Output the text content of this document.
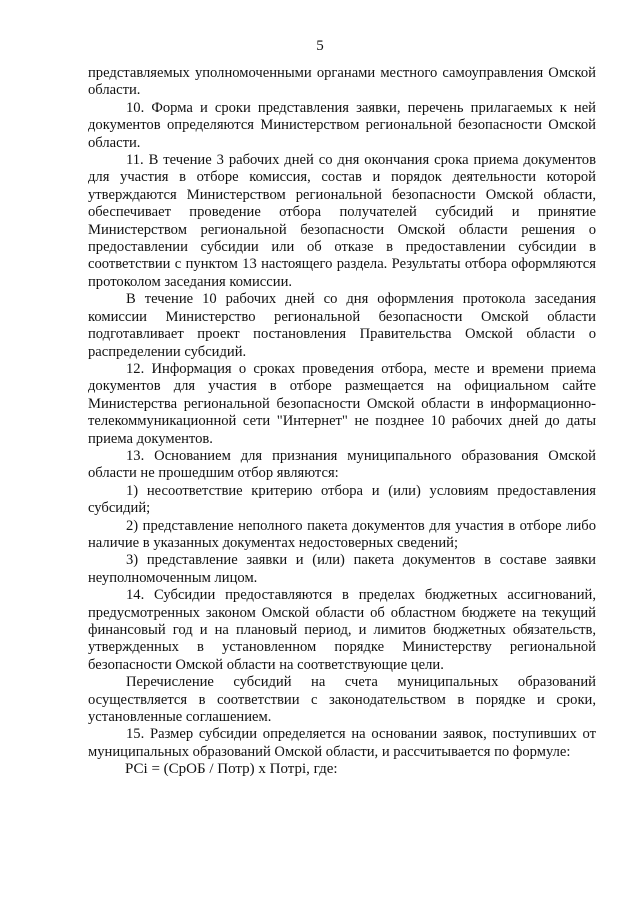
5

представляемых уполномоченными органами местного самоуправления Омской области.

10. Форма и сроки представления заявки, перечень прилагаемых к ней документов определяются Министерством региональной безопасности Омской области.

11. В течение 3 рабочих дней со дня окончания срока приема документов для участия в отборе комиссия, состав и порядок деятельности которой утверждаются Министерством региональной безопасности Омской области, обеспечивает проведение отбора получателей субсидий и принятие Министерством региональной безопасности Омской области решения о предоставлении субсидии или об отказе в предоставлении субсидии в соответствии с пунктом 13 настоящего раздела. Результаты отбора оформляются протоколом заседания комиссии.

В течение 10 рабочих дней со дня оформления протокола заседания комиссии Министерство региональной безопасности Омской области подготавливает проект постановления Правительства Омской области о распределении субсидий.

12. Информация о сроках проведения отбора, месте и времени приема документов для участия в отборе размещается на официальном сайте Министерства региональной безопасности Омской области в информационно-телекоммуникационной сети "Интернет" не позднее 10 рабочих дней до даты приема документов.

13. Основанием для признания муниципального образования Омской области не прошедшим отбор являются:

1) несоответствие критерию отбора и (или) условиям предоставления субсидий;

2) представление неполного пакета документов для участия в отборе либо наличие в указанных документах недостоверных сведений;

3) представление заявки и (или) пакета документов в составе заявки неуполномоченным лицом.

14. Субсидии предоставляются в пределах бюджетных ассигнований, предусмотренных законом Омской области об областном бюджете на текущий финансовый год и на плановый период, и лимитов бюджетных обязательств, утвержденных в установленном порядке Министерству региональной безопасности Омской области на соответствующие цели.

Перечисление субсидий на счета муниципальных образований осуществляется в соответствии с законодательством в порядке и сроки, установленные соглашением.

15. Размер субсидии определяется на основании заявок, поступивших от муниципальных образований Омской области, и рассчитывается по формуле:

РСi = (СрОБ / Потр) x Потрi, где:
